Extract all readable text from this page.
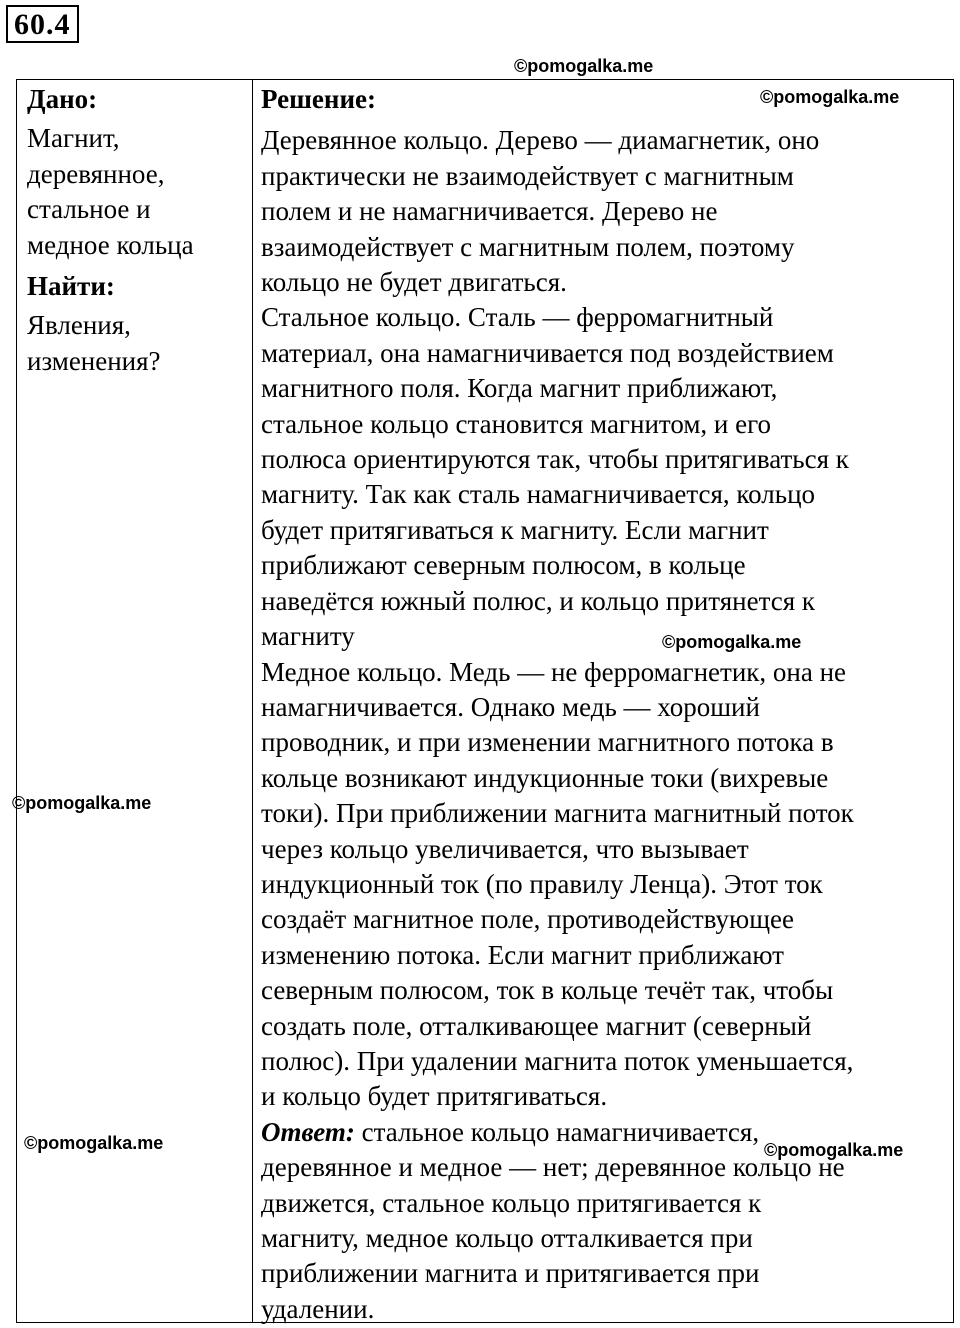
60.4
©pomogalka.me
Дано:
Магнит,
деревянное,
стальное и
медное кольца
Найти:
Явления,
изменения?
Решение:
Деревянное кольцо. Дерево — диамагнетик, оно
практически не взаимодействует с магнитным
полем и не намагничивается. Дерево не
взаимодействует с магнитным полем, поэтому
кольцо не будет двигаться.
Стальное кольцо. Сталь — ферромагнитный
материал, она намагничивается под воздействием
магнитного поля. Когда магнит приближают,
стальное кольцо становится магнитом, и его
полюса ориентируются так, чтобы притягиваться к
магниту. Так как сталь намагничивается, кольцо
будет притягиваться к магниту. Если магнит
приближают северным полюсом, в кольце
наведётся южный полюс, и кольцо притянется к
магниту
Медное кольцо. Медь — не ферромагнетик, она не
намагничивается. Однако медь — хороший
проводник, и при изменении магнитного потока в
кольце возникают индукционные токи (вихревые
токи). При приближении магнита магнитный поток
через кольцо увеличивается, что вызывает
индукционный ток (по правилу Ленца). Этот ток
создаёт магнитное поле, противодействующее
изменению потока. Если магнит приближают
северным полюсом, ток в кольце течёт так, чтобы
создать поле, отталкивающее магнит (северный
полюс). При удалении магнита поток уменьшается,
и кольцо будет притягиваться.
Ответ: стальное кольцо намагничивается,
деревянное и медное — нет; деревянное кольцо не
движется, стальное кольцо притягивается к
магниту, медное кольцо отталкивается при
приближении магнита и притягивается при
удалении.
©pomogalka.me
©pomogalka.me
©pomogalka.me
©pomogalka.me	©pomogalka.me
